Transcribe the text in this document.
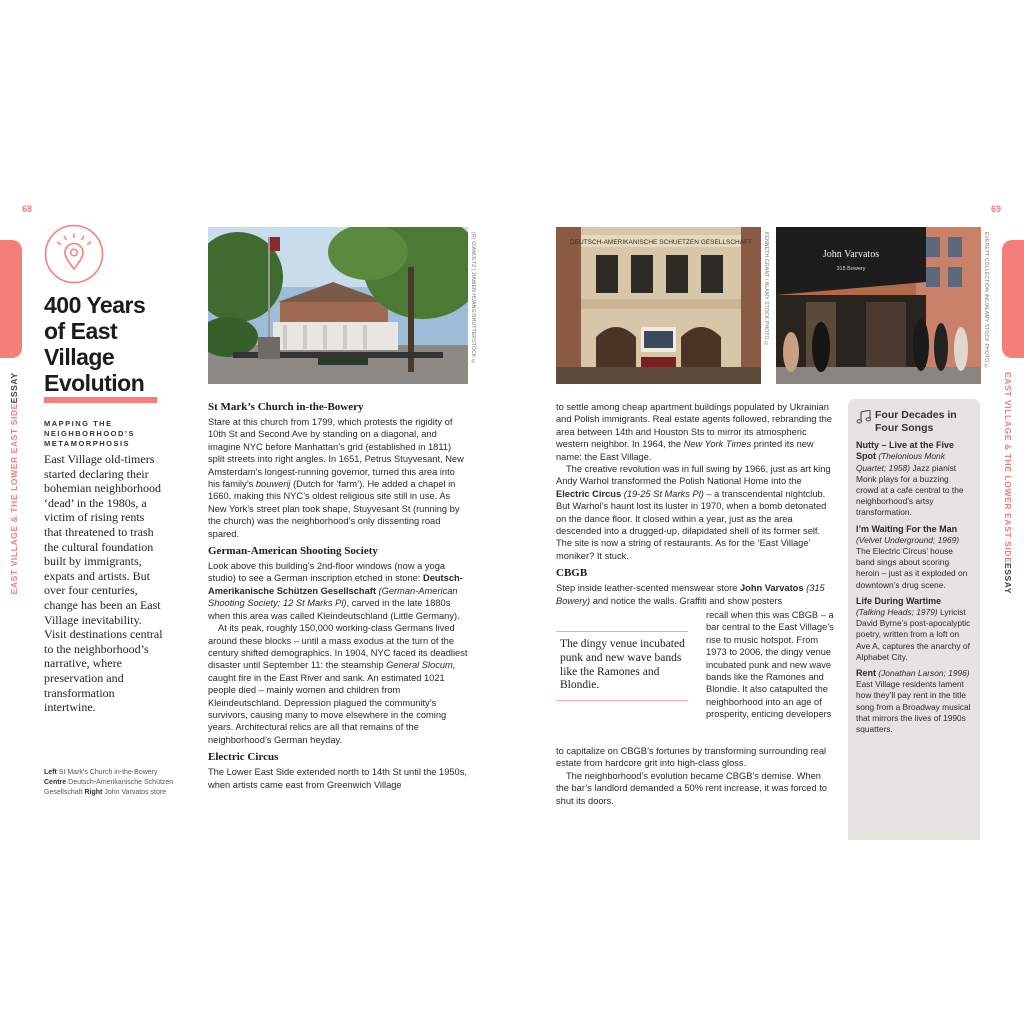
68	69
EAST VILLAGE & THE LOWER EAST SIDEESSAY	EAST VILLAGE & THE LOWER EAST SIDEESSAY
400 Years
of East
Village
Evolution
MAPPING THE
NEIGHBORHOOD’S
METAMORPHOSIS
East Village old-timers started declaring their bohemian neighborhood ‘dead’ in the 1980s, a victim of rising rents that threatened to trash the cultural foundation built by immigrants, expats and artists. But over four centuries, change has been an East Village inevitability. Visit destinations central to the neighborhood’s narrative, where preservation and transformation intertwine.
Left St Mark’s Church in-the-Bowery
Centre Deutsch-Amerikanische Schützen Gesellschaft Right John Varvatos store
(R) GIANOLTZ | JIAWEN HUANG/SHUTTERSTOCK ©	DEUTSCH-AMERIKANISCHE SCHUETZEN GESELLSCHAFT KENNETH GRANT / ALAMY STOCK PHOTO ©	John Varvatos
315 Bowery	EVERETT COLLECTION INC/ALAMY STOCK PHOTO ©
St Mark’s Church in-the-Bowery

Stare at this church from 1799, which protests the rigidity of 10th St and Second Ave by standing on a diagonal, and imagine NYC before Manhattan’s grid (established in 1811) split streets into right angles. In 1651, Petrus Stuyvesant, New Amsterdam’s longest-running governor, turned this area into his family’s bouwerij (Dutch for ‘farm’). He added a chapel in 1660, making this NYC’s oldest religious site still in use. As New York’s street plan took shape, Stuyvesant St (running by the church) was the neighborhood’s only dissenting road spared.

German-American Shooting Society

Look above this building’s 2nd-floor windows (now a yoga studio) to see a German inscription etched in stone: Deutsch-Amerikanische Schützen Gesellschaft (German-American Shooting Society; 12 St Marks Pl), carved in the late 1880s when this area was called Kleindeutschland (Little Germany).

At its peak, roughly 150,000 working-class Germans lived around these blocks – until a mass exodus at the turn of the century shifted demographics. In 1904, NYC faced its deadliest disaster until September 11: the steamship General Slocum, caught fire in the East River and sank. An estimated 1021 people died – mainly women and children from Kleindeutschland. Depression plagued the community’s survivors, causing many to move elsewhere in the coming years. Architectural relics are all that remains of the neighborhood’s German heyday.

Electric Circus

The Lower East Side extended north to 14th St until the 1950s, when artists came east from Greenwich Village

to settle among cheap apartment buildings populated by Ukrainian and Polish immigrants. Real estate agents followed, rebranding the area between 14th and Houston Sts to mirror its atmospheric western neighbor. In 1964, the New York Times printed its new name: the East Village.

The creative revolution was in full swing by 1966, just as art king Andy Warhol transformed the Polish National Home into the Electric Circus (19-25 St Marks Pl) – a transcendental nightclub. But Warhol’s haunt lost its luster in 1970, when a bomb detonated on the dance floor. It closed within a year, just as the area descended into a drugged-up, dilapidated shell of its former self. The site is now a string of restaurants. As for the ‘East Village’ moniker? It stuck.

CBGB

Step inside leather-scented menswear store John Varvatos (315 Bowery) and notice the walls. Graffiti and show posters

recall when this was CBGB – a bar central to the East Village’s rise to music hotspot. From 1973 to 2006, the dingy venue incubated punk and new wave bands like the Ramones and Blondie. It also catapulted the neighborhood into an age of prosperity, enticing developers

to capitalize on CBGB’s fortunes by transforming surrounding real estate from hardcore grit into high-class gloss.

The neighborhood’s evolution became CBGB’s demise. When the bar’s landlord demanded a 50% rent increase, it was forced to shut its doors.

The dingy venue incubated punk and new wave bands like the Ramones and Blondie.
Four Decades in Four Songs
Nutty – Live at the Five Spot (Thelonious Monk Quartet; 1958) Jazz pianist Monk plays for a buzzing crowd at a cafe central to the neighborhood’s artsy transformation.
I’m Waiting For the Man (Velvet Underground; 1969) The Electric Circus’ house band sings about scoring heroin – just as it exploded on downtown’s drug scene.
Life During Wartime (Talking Heads; 1979) Lyricist David Byrne’s post-apocalyptic poetry, written from a loft on Ave A, captures the anarchy of Alphabet City.
Rent (Jonathan Larson; 1996) East Village residents lament how they’ll pay rent in the title song from a Broadway musical that mirrors the lives of 1990s squatters.
